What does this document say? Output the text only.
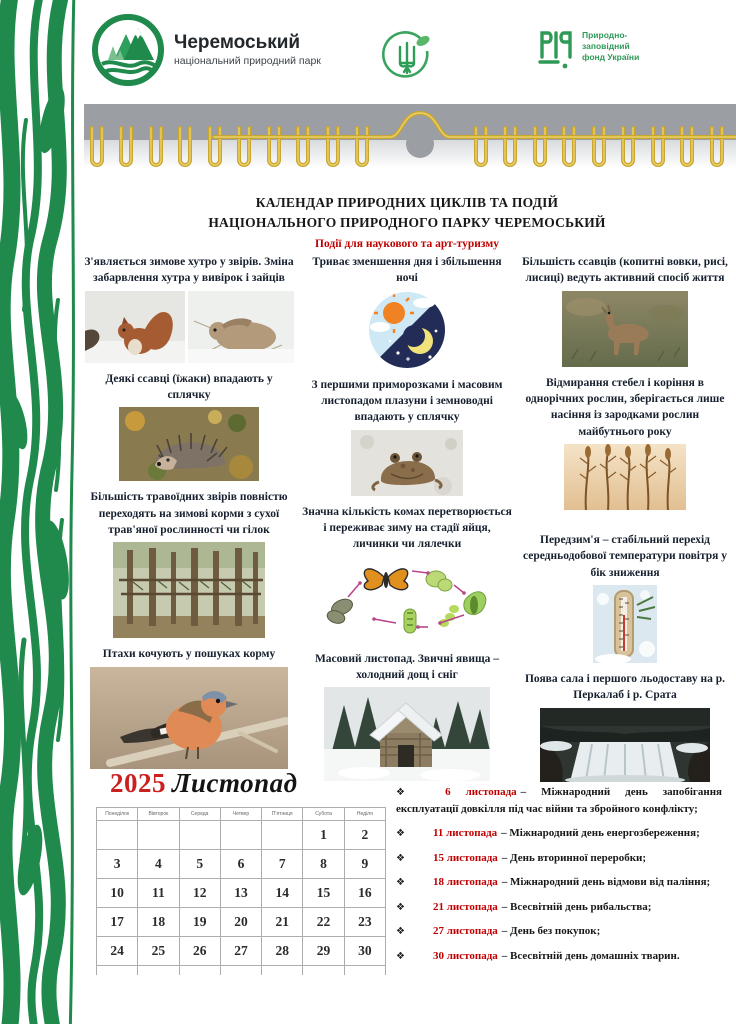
Черемоський
національний природний парк
Природно-
заповідний
фонд України
КАЛЕНДАР ПРИРОДНИХ ЦИКЛІВ ТА ПОДІЙ
НАЦІОНАЛЬНОГО ПРИРОДНОГО ПАРКУ ЧЕРЕМОСЬКИЙ
Події для наукового та арт-туризму
З'являється зимове хутро у звірів. Зміна забарвлення хутра у вивірок і зайців
Деякі ссавці (їжаки) впадають у сплячку
Більшість травоїдних звірів повністю переходять на зимові корми з сухої трав'яної рослинності чи гілок
Птахи кочують у пошуках корму
Триває зменшення дня і збільшення ночі
З першими приморозками і масовим листопадом плазуни і земноводні впадають у сплячку
Значна кількість комах перетворюється і переживає зиму на стадії яйця, личинки чи лялечки
Масовий листопад. Звичні явища – холодний дощ і сніг
Більшість ссавців (копитні вовки, рисі, лисиці) ведуть активний спосіб життя
Відмирання стебел і коріння в однорічних рослин, зберігається лише насіння із зародками рослин майбутнього року
Передзим'я – стабільний перехід середньодобової температури повітря у бік зниження
Поява сала і першого льодоставу на р. Перкалаб і р. Срата
2025 Листопад
Понеділок	Вівторок	Середа	Четвер	П'ятниця	Субота	Неділя
					1	2
3	4	5	6	7	8	9
10	11	12	13	14	15	16
17	18	19	20	21	22	23
24	25	26	27	28	29	30

❖	6 листопада – Міжнародний день запобігання експлуатації довкілля під час війни та збройного конфлікту;

❖	11 листопада – Міжнародний день енергозбереження;

❖	15 листопада – День вторинної переробки;

❖	18 листопада – Міжнародний день відмови від паління;

❖	21 листопада – Всесвітній день рибальства;

❖	27 листопада – День без покупок;

❖	30 листопада – Всесвітній день домашніх тварин.
